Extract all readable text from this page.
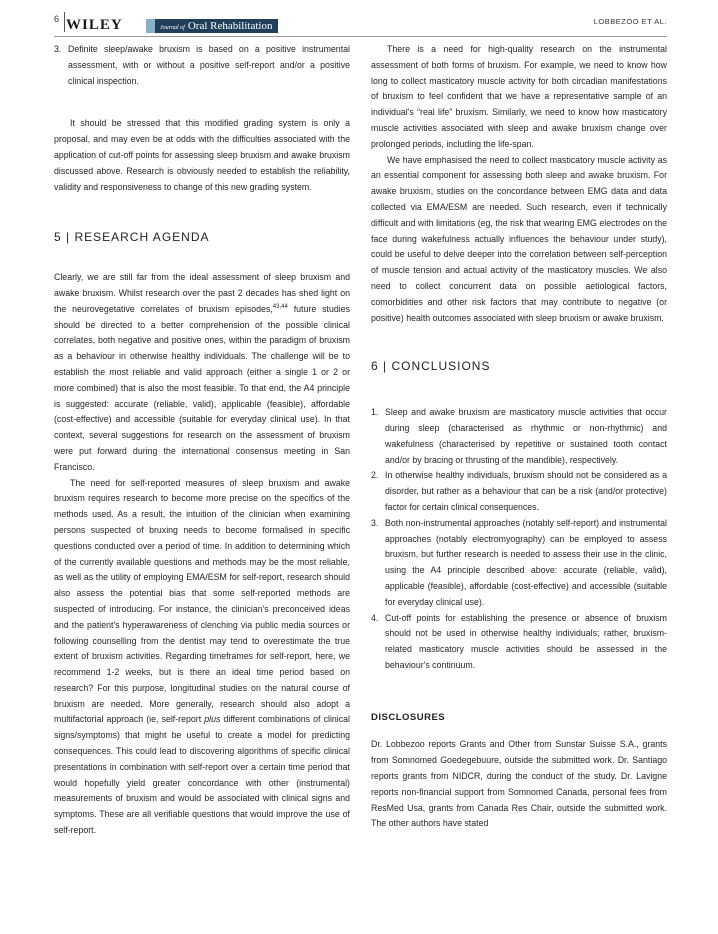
6 WILEY	Journal of Oral Rehabilitation	LOBBEZOO ET AL.
3. Definite sleep/awake bruxism is based on a positive instrumental assessment, with or without a positive self-report and/or a positive clinical inspection.

It should be stressed that this modified grading system is only a proposal, and may even be at odds with the difficulties associated with the application of cut-off points for assessing sleep bruxism and awake bruxism discussed above. Research is obviously needed to establish the reliability, validity and responsiveness to change of this new grading system.

5 | RESEARCH AGENDA

Clearly, we are still far from the ideal assessment of sleep bruxism and awake bruxism. Whilst research over the past 2 decades has shed light on the neurovegetative correlates of bruxism episodes,$^{43,44}$ future studies should be directed to a better comprehension of the possible clinical correlates, both negative and positive ones, within the paradigm of bruxism as a behaviour in otherwise healthy individuals. The challenge will be to establish the most reliable and valid approach (either a single 1 or 2 or more combined) that is also the most feasible. To that end, the A4 principle is suggested: accurate (reliable, valid), applicable (feasible), affordable (cost-effective) and accessible (suitable for everyday clinical use). In that context, several suggestions for research on the assessment of bruxism were put forward during the international consensus meeting in San Francisco.

The need for self-reported measures of sleep bruxism and awake bruxism requires research to become more precise on the specifics of the methods used. As a result, the intuition of the clinician when examining persons suspected of bruxing needs to become formalised in specific questions conducted over a period of time. In addition to determining which of the currently available questions and methods may be the most reliable, as well as the utility of employing EMA/ESM for self-report, research should also assess the potential bias that some self-reported methods are suspected of introducing. For instance, the clinician's preconceived ideas and the patient's hyperawareness of clenching via public media sources or following counselling from the dentist may tend to overestimate the true extent of bruxism activities. Regarding timeframes for self-report, here, we recommend 1-2 weeks, but is there an ideal time period based on research? For this purpose, longitudinal studies on the natural course of bruxism are needed. More generally, research should also adopt a multifactorial approach (ie, self-report plus different combinations of clinical signs/symptoms) that might be useful to create a model for predicting consequences. This could lead to discovering algorithms of specific clinical presentations in combination with self-report over a certain time period that would hopefully yield greater concordance with other (instrumental) measurements of bruxism and would be associated with clinical signs and symptoms. These are all verifiable questions that would improve the use of self-report.

There is a need for high-quality research on the instrumental assessment of both forms of bruxism. For example, we need to know how long to collect masticatory muscle activity for both circadian manifestations of bruxism to feel confident that we have a representative sample of an individual's “real life” bruxism. Similarly, we need to know how masticatory muscle activities associated with sleep and awake bruxism change over prolonged periods, including the life-span.

We have emphasised the need to collect masticatory muscle activity as an essential component for assessing both sleep and awake bruxism. For awake bruxism, studies on the concordance between EMG data and data collected via EMA/ESM are needed. Such research, even if technically difficult and with limitations (eg, the risk that wearing EMG electrodes on the face during wakefulness actually influences the behaviour under study), could be useful to delve deeper into the correlation between self-perception of muscle tension and actual activity of the masticatory muscles. We also need to collect concurrent data on possible aetiological factors, comorbidities and other risk factors that may contribute to negative (or positive) health outcomes associated with sleep bruxism or awake bruxism.

6 | CONCLUSIONS
1. Sleep and awake bruxism are masticatory muscle activities that occur during sleep (characterised as rhythmic or non-rhythmic) and wakefulness (characterised by repetitive or sustained tooth contact and/or by bracing or thrusting of the mandible), respectively.
2. In otherwise healthy individuals, bruxism should not be considered as a disorder, but rather as a behaviour that can be a risk (and/or protective) factor for certain clinical consequences.
3. Both non-instrumental approaches (notably self-report) and instrumental approaches (notably electromyography) can be employed to assess bruxism, but further research is needed to assess their use in the clinic, using the A4 principle described above: accurate (reliable, valid), applicable (feasible), affordable (cost-effective) and accessible (suitable for everyday clinical use).
4. Cut-off points for establishing the presence or absence of bruxism should not be used in otherwise healthy individuals; rather, bruxism-related masticatory muscle activities should be assessed in the behaviour's continuum.
DISCLOSURES

Dr. Lobbezoo reports Grants and Other from Sunstar Suisse S.A., grants from Somnomed Goedegebuure, outside the submitted work. Dr. Santiago reports grants from NIDCR, during the conduct of the study. Dr. Lavigne reports non-financial support from Somnomed Canada, personal fees from ResMed Usa, grants from Canada Res Chair, outside the submitted work. The other authors have stated
